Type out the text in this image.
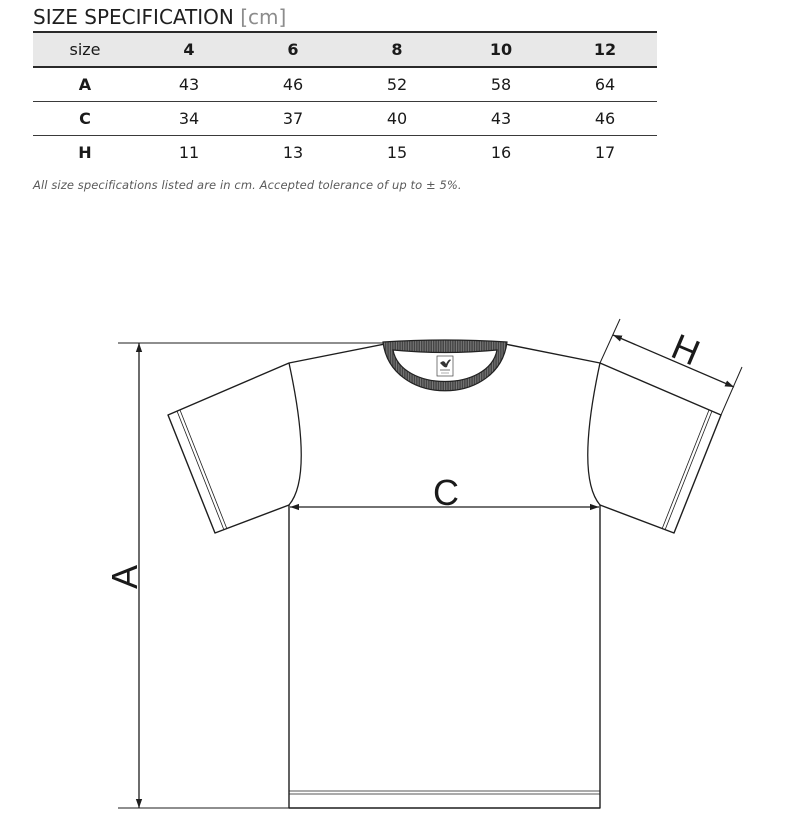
SIZE SPECIFICATION [cm]
size	4	6	8	10	12
A	43	46	52	58	64
C	34	37	40	43	46
H	11	13	15	16	17
All size specifications listed are in cm. Accepted tolerance of up to ± 5%.
A
C
H
